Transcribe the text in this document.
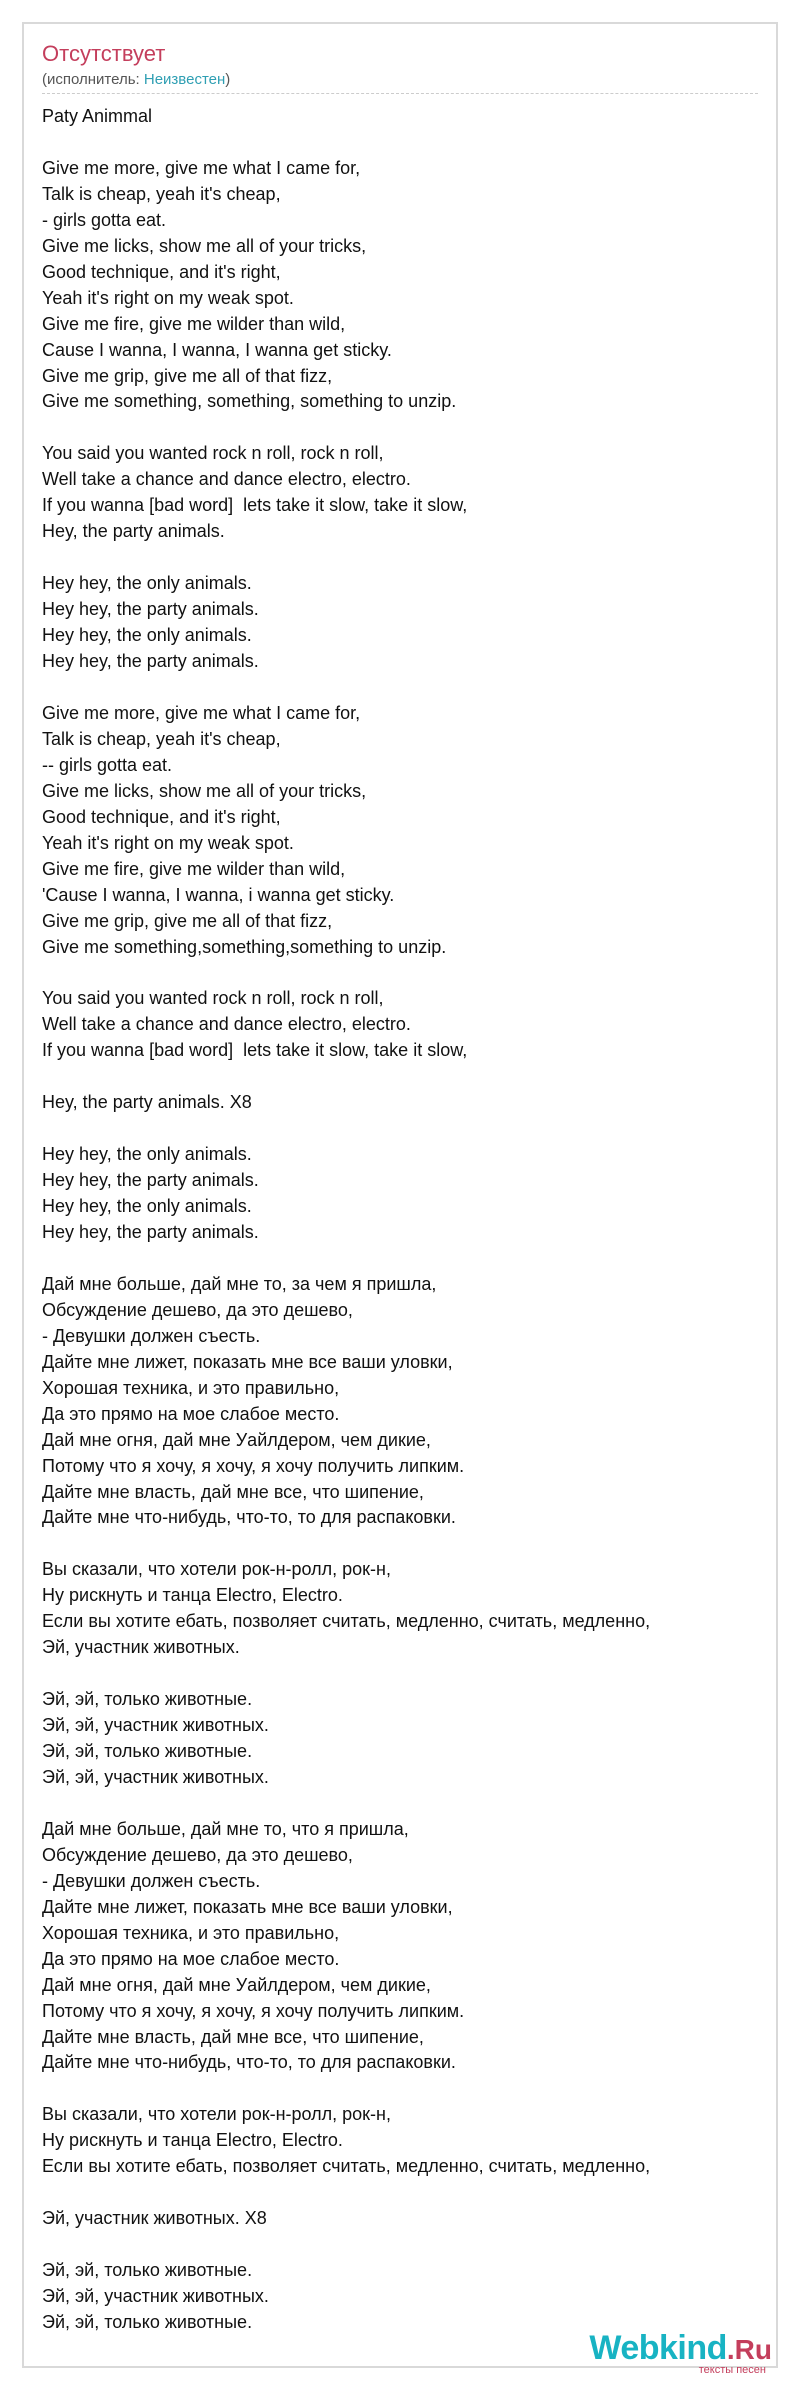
Отсутствует
(исполнитель: Неизвестен)
Paty Animmal

Give me more, give me what I came for,
Talk is cheap, yeah it's cheap,
- girls gotta eat.
Give me licks, show me all of your tricks,
Good technique, and it's right,
Yeah it's right on my weak spot.
Give me fire, give me wilder than wild,
Cause I wanna, I wanna, I wanna get sticky.
Give me grip, give me all of that fizz,
Give me something, something, something to unzip.

You said you wanted rock n roll, rock n roll,
Well take a chance and dance electro, electro.
If you wanna [bad word]  lets take it slow, take it slow,
Hey, the party animals.

Hey hey, the only animals.
Hey hey, the party animals.
Hey hey, the only animals.
Hey hey, the party animals.

Give me more, give me what I came for,
Talk is cheap, yeah it's cheap,
-- girls gotta eat.
Give me licks, show me all of your tricks,
Good technique, and it's right,
Yeah it's right on my weak spot.
Give me fire, give me wilder than wild,
'Cause I wanna, I wanna, i wanna get sticky.
Give me grip, give me all of that fizz,
Give me something,something,something to unzip.

You said you wanted rock n roll, rock n roll,
Well take a chance and dance electro, electro.
If you wanna [bad word]  lets take it slow, take it slow,

Hey, the party animals. X8

Hey hey, the only animals.
Hey hey, the party animals.
Hey hey, the only animals.
Hey hey, the party animals.

Дай мне больше, дай мне то, за чем я пришла,
Обсуждение дешево, да это дешево,
- Девушки должен съесть.
Дайте мне лижет, показать мне все ваши уловки,
Хорошая техника, и это правильно,
Да это прямо на мое слабое место.
Дай мне огня, дай мне Уайлдером, чем дикие,
Потому что я хочу, я хочу, я хочу получить липким.
Дайте мне власть, дай мне все, что шипение,
Дайте мне что-нибудь, что-то, то для распаковки.

Вы сказали, что хотели рок-н-ролл, рок-н,
Ну рискнуть и танца Electro, Electro.
Если вы хотите ебать, позволяет считать, медленно, считать, медленно,
Эй, участник животных.

Эй, эй, только животные.
Эй, эй, участник животных.
Эй, эй, только животные.
Эй, эй, участник животных.

Дай мне больше, дай мне то, что я пришла,
Обсуждение дешево, да это дешево,
- Девушки должен съесть.
Дайте мне лижет, показать мне все ваши уловки,
Хорошая техника, и это правильно,
Да это прямо на мое слабое место.
Дай мне огня, дай мне Уайлдером, чем дикие,
Потому что я хочу, я хочу, я хочу получить липким.
Дайте мне власть, дай мне все, что шипение,
Дайте мне что-нибудь, что-то, то для распаковки.

Вы сказали, что хотели рок-н-ролл, рок-н,
Ну рискнуть и танца Electro, Electro.
Если вы хотите ебать, позволяет считать, медленно, считать, медленно,

Эй, участник животных. X8

Эй, эй, только животные.
Эй, эй, участник животных.
Эй, эй, только животные.
Webkind.Ru
тексты песен
